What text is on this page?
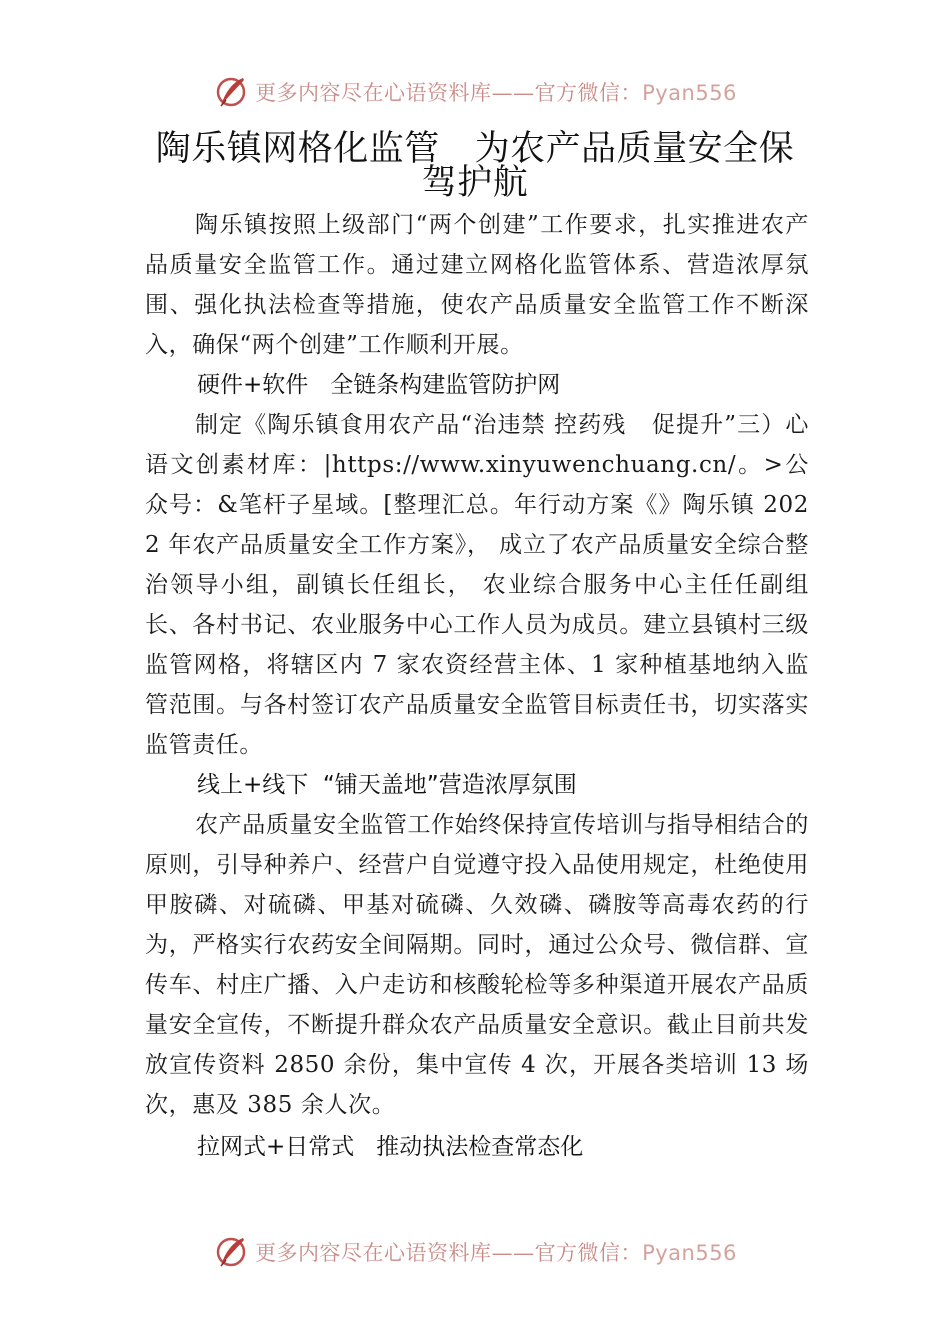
更多内容尽在心语资料库——官方微信：Pyan556
陶乐镇网格化监管   为农产品质量安全保
驾护航

陶乐镇按照上级部门“两个创建”工作要求，扎实推进农产品质量安全监管工作。通过建立网格化监管体系、营造浓厚氛围、强化执法检查等措施，使农产品质量安全监管工作不断深入，确保“两个创建”工作顺利开展。

硬件+软件   全链条构建监管防护网

制定《陶乐镇食用农产品“治违禁 控药残   促提升”三）心语文创素材库：|https://www.xinyuwenchuang.cn/。>公众号：&笔杆子星域。[整理汇总。年行动方案《》陶乐镇 2022 年农产品质量安全工作方案》， 成立了农产品质量安全综合整治领导小组，副镇长任组长， 农业综合服务中心主任任副组长、各村书记、农业服务中心工作人员为成员。建立县镇村三级监管网格，将辖区内 7 家农资经营主体、1 家种植基地纳入监管范围。与各村签订农产品质量安全监管目标责任书，切实落实监管责任。

线上+线下  “铺天盖地”营造浓厚氛围

农产品质量安全监管工作始终保持宣传培训与指导相结合的原则，引导种养户、经营户自觉遵守投入品使用规定，杜绝使用甲胺磷、对硫磷、甲基对硫磷、久效磷、磷胺等高毒农药的行为，严格实行农药安全间隔期。同时，通过公众号、微信群、宣传车、村庄广播、入户走访和核酸轮检等多种渠道开展农产品质量安全宣传，不断提升群众农产品质量安全意识。截止目前共发放宣传资料 2850 余份，集中宣传 4 次，开展各类培训 13 场次，惠及 385 余人次。

拉网式+日常式   推动执法检查常态化

更多内容尽在心语资料库——官方微信：Pyan556
